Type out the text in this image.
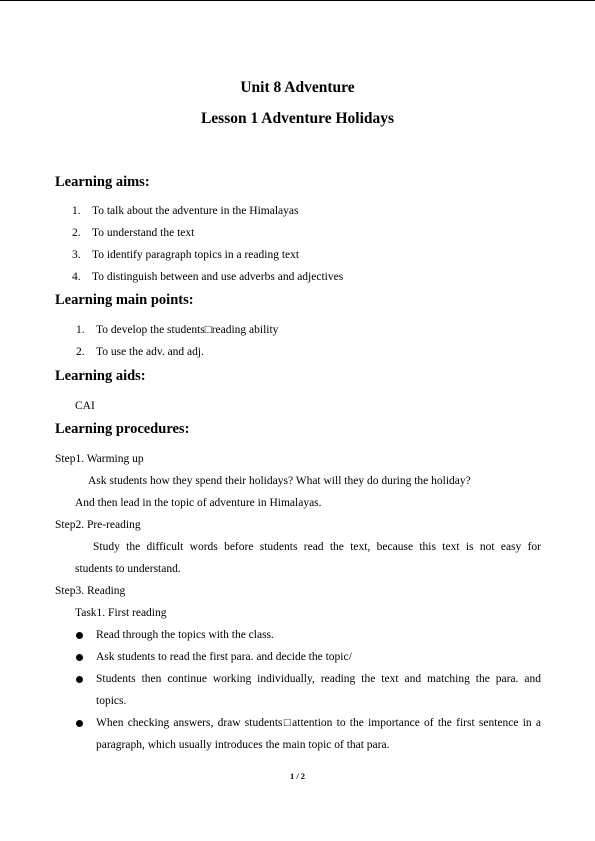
Unit 8 Adventure
Lesson 1 Adventure Holidays
Learning aims:
1. To talk about the adventure in the Himalayas
2. To understand the text
3. To identify paragraph topics in a reading text
4. To distinguish between and use adverbs and adjectives
Learning main points:
1. To develop the students□reading ability
2. To use the adv. and adj.
Learning aids:
CAI
Learning procedures:
Step1. Warming up
Ask students how they spend their holidays? What will they do during the holiday?
And then lead in the topic of adventure in Himalayas.
Step2. Pre-reading
Study the difficult words before students read the text, because this text is not easy for
students to understand.
Step3. Reading
Task1. First reading
Read through the topics with the class.
Ask students to read the first para. and decide the topic/
Students then continue working individually, reading the text and matching the para. and
topics.
When checking answers, draw students□attention to the importance of the first sentence in a
paragraph, which usually introduces the main topic of that para.
1 / 2
